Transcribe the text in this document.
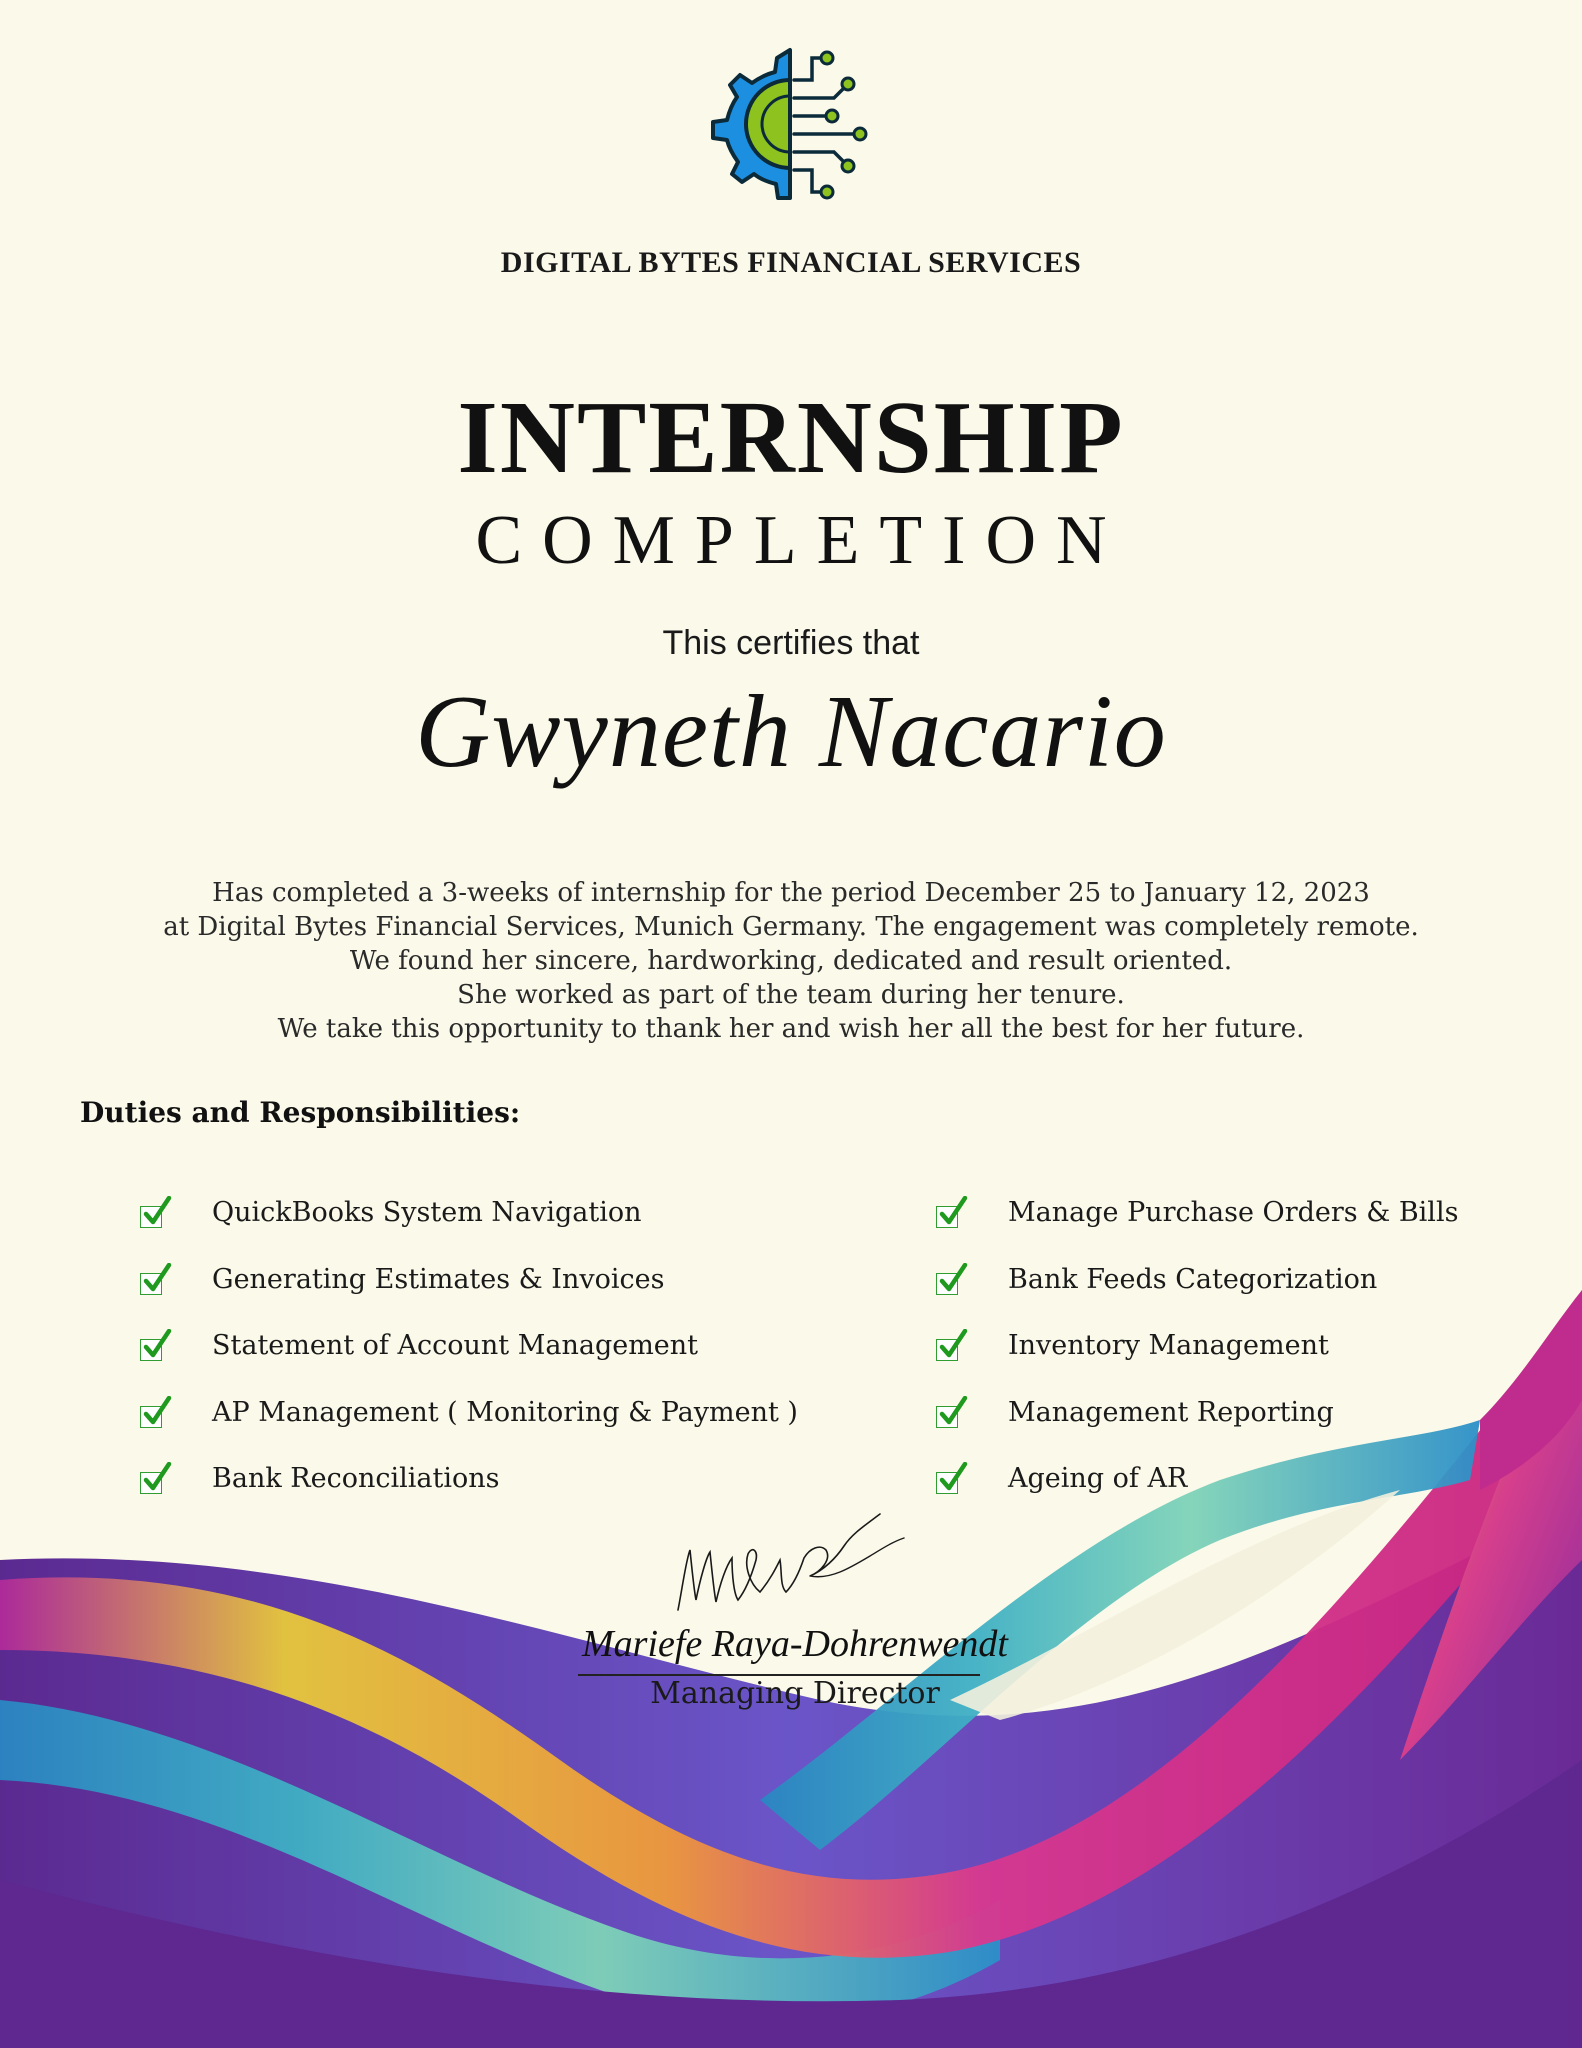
DIGITAL BYTES FINANCIAL SERVICES
INTERNSHIP
COMPLETION
This certifies that
Gwyneth Nacario
Has completed a 3-weeks of internship for the period December 25 to January 12, 2023
at Digital Bytes Financial Services, Munich Germany. The engagement was completely remote.
We found her sincere, hardworking, dedicated and result oriented.
She worked as part of the team during her tenure.
We take this opportunity to thank her and wish her all the best for her future.
Duties and Responsibilities:
QuickBooks System Navigation
Generating Estimates & Invoices
Statement of Account Management
AP Management ( Monitoring & Payment )
Bank Reconciliations
Manage Purchase Orders & Bills
Bank Feeds Categorization
Inventory Management
Management Reporting
Ageing of AR
Mariefe Raya-Dohrenwendt
Managing Director
